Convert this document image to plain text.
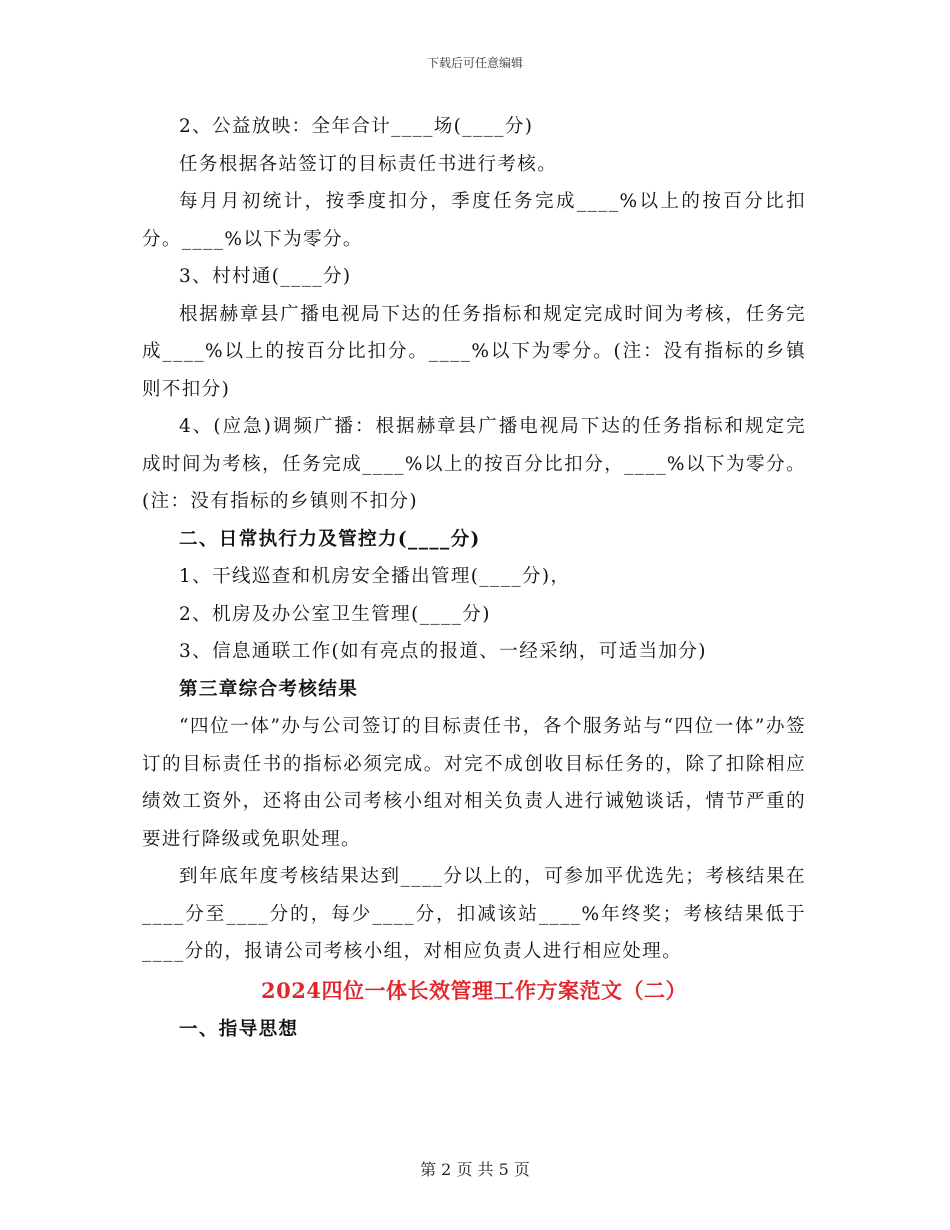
下载后可任意编辑

2、公益放映：全年合计____场(____分)

任务根据各站签订的目标责任书进行考核。

每月月初统计，按季度扣分，季度任务完成____%以上的按百分比扣分。____%以下为零分。

3、村村通(____分)

根据赫章县广播电视局下达的任务指标和规定完成时间为考核，任务完成____%以上的按百分比扣分。____%以下为零分。(注：没有指标的乡镇则不扣分)

4、(应急)调频广播：根据赫章县广播电视局下达的任务指标和规定完成时间为考核，任务完成____%以上的按百分比扣分，____%以下为零分。(注：没有指标的乡镇则不扣分)

二、日常执行力及管控力(____分)

1、干线巡查和机房安全播出管理(____分)，

2、机房及办公室卫生管理(____分)

3、信息通联工作(如有亮点的报道、一经采纳，可适当加分)

第三章综合考核结果

“四位一体”办与公司签订的目标责任书，各个服务站与“四位一体”办签订的目标责任书的指标必须完成。对完不成创收目标任务的，除了扣除相应绩效工资外，还将由公司考核小组对相关负责人进行诫勉谈话，情节严重的要进行降级或免职处理。

到年底年度考核结果达到____分以上的，可参加平优选先；考核结果在____分至____分的，每少____分，扣减该站____%年终奖；考核结果低于____分的，报请公司考核小组，对相应负责人进行相应处理。

2024四位一体长效管理工作方案范文（二）

一、指导思想

第 2 页 共 5 页
